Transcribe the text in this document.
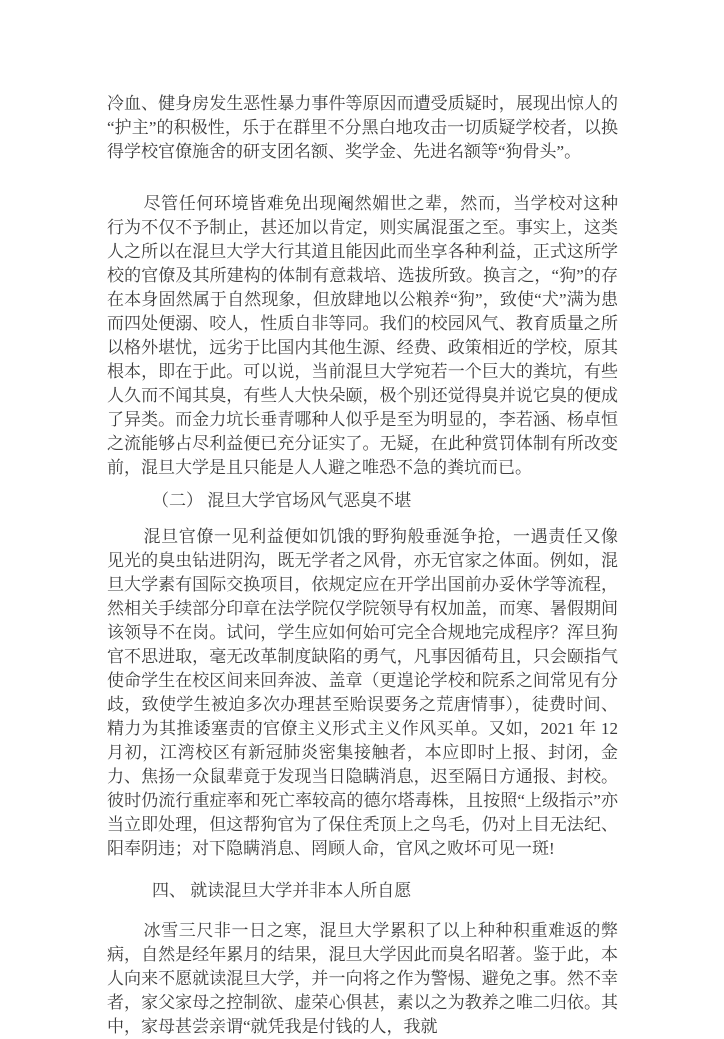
冷血、健身房发生恶性暴力事件等原因而遭受质疑时，展现出惊人的“护主”的积极性，乐于在群里不分黑白地攻击一切质疑学校者，以换得学校官僚施舍的研支团名额、奖学金、先进名额等“狗骨头”。

尽管任何环境皆难免出现阉然媚世之辈，然而，当学校对这种行为不仅不予制止，甚还加以肯定，则实属混蛋之至。事实上，这类人之所以在混旦大学大行其道且能因此而坐享各种利益，正式这所学校的官僚及其所建构的体制有意栽培、选拔所致。换言之，“狗”的存在本身固然属于自然现象，但放肆地以公粮养“狗”，致使“犬”满为患而四处便溺、咬人，性质自非等同。我们的校园风气、教育质量之所以格外堪忧，远劣于比国内其他生源、经费、政策相近的学校，原其根本，即在于此。可以说，当前混旦大学宛若一个巨大的粪坑，有些人久而不闻其臭，有些人大快朵颐，极个别还觉得臭并说它臭的便成了异类。而金力坑长垂青哪种人似乎是至为明显的，李若涵、杨卓恒之流能够占尽利益便已充分证实了。无疑，在此种赏罚体制有所改变前，混旦大学是且只能是人人避之唯恐不急的粪坑而已。

（二） 混旦大学官场风气恶臭不堪

混旦官僚一见利益便如饥饿的野狗般垂涎争抢，一遇责任又像见光的臭虫钻进阴沟，既无学者之风骨，亦无官家之体面。例如，混旦大学素有国际交换项目，依规定应在开学出国前办妥休学等流程，然相关手续部分印章在法学院仅学院领导有权加盖，而寒、暑假期间该领导不在岗。试问，学生应如何始可完全合规地完成程序？浑旦狗官不思进取，毫无改革制度缺陷的勇气，凡事因循苟且，只会颐指气使命学生在校区间来回奔波、盖章（更遑论学校和院系之间常见有分歧，致使学生被迫多次办理甚至贻误要务之荒唐情事），徒费时间、精力为其推诿塞责的官僚主义形式主义作风买单。又如，2021 年 12 月初，江湾校区有新冠肺炎密集接触者，本应即时上报、封闭，金力、焦扬一众鼠辈竟于发现当日隐瞒消息，迟至隔日方通报、封校。彼时仍流行重症率和死亡率较高的德尔塔毒株，且按照“上级指示”亦当立即处理，但这帮狗官为了保住秃顶上之鸟毛，仍对上目无法纪、阳奉阴违；对下隐瞒消息、罔顾人命，官风之败坏可见一斑!

四、 就读混旦大学并非本人所自愿

冰雪三尺非一日之寒，混旦大学累积了以上种种积重难返的弊病，自然是经年累月的结果，混旦大学因此而臭名昭著。鉴于此，本人向来不愿就读混旦大学，并一向将之作为警惕、避免之事。然不幸者，家父家母之控制欲、虚荣心俱甚，素以之为教养之唯二归依。其中，家母甚尝亲谓“就凭我是付钱的人，我就
